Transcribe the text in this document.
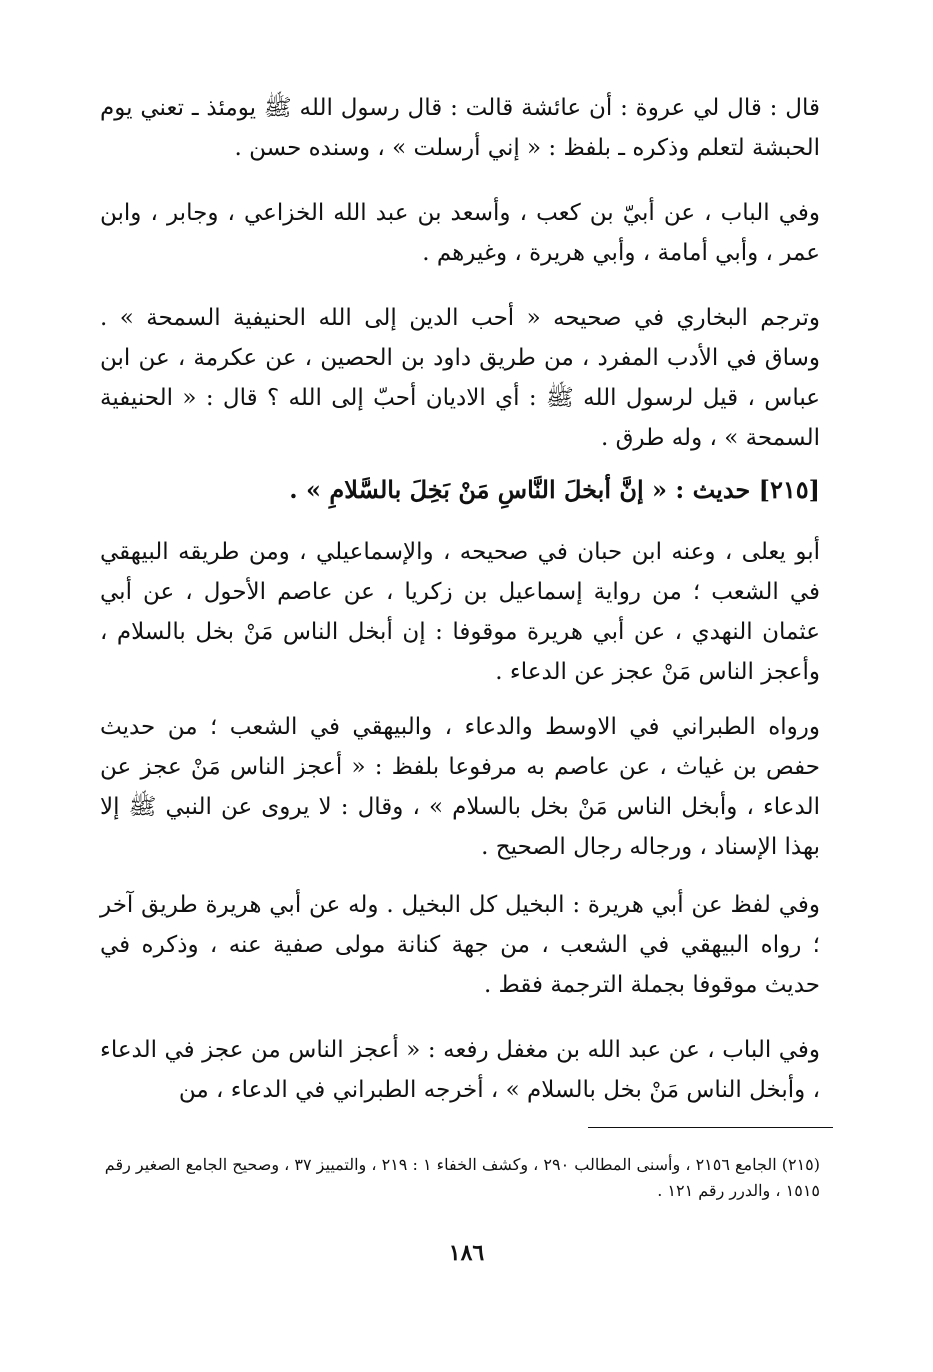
قال : قال لي عروة : أن عائشة قالت : قال رسول الله ﷺ يومئذ ـ تعني يوم الحبشة لتعلم وذكره ـ بلفظ : « إني أرسلت » ، وسنده حسن .

وفي الباب ، عن أبيّ بن كعب ، وأسعد بن عبد الله الخزاعي ، وجابر ، وابن عمر ، وأبي أمامة ، وأبي هريرة ، وغيرهم .

وترجم البخاري في صحيحه « أحب الدين إلى الله الحنيفية السمحة » . وساق في الأدب المفرد ، من طريق داود بن الحصين ، عن عكرمة ، عن ابن عباس ، قيل لرسول الله ﷺ : أي الاديان أحبّ إلى الله ؟ قال : « الحنيفية السمحة » ، وله طرق .

[٢١٥] حديث : « إنَّ أبخلَ النَّاسِ مَنْ بَخِلَ بالسَّلامِ » .

أبو يعلى ، وعنه ابن حبان في صحيحه ، والإسماعيلي ، ومن طريقه البيهقي في الشعب ؛ من رواية إسماعيل بن زكريا ، عن عاصم الأحول ، عن أبي عثمان النهدي ، عن أبي هريرة موقوفا : إن أبخل الناس مَنْ بخل بالسلام ، وأعجز الناس مَنْ عجز عن الدعاء .

ورواه الطبراني في الاوسط والدعاء ، والبيهقي في الشعب ؛ من حديث حفص بن غياث ، عن عاصم به مرفوعا بلفظ : « أعجز الناس مَنْ عجز عن الدعاء ، وأبخل الناس مَنْ بخل بالسلام » ، وقال : لا يروى عن النبي ﷺ إلا بهذا الإسناد ، ورجاله رجال الصحيح .

وفي لفظ عن أبي هريرة : البخيل كل البخيل . وله عن أبي هريرة طريق آخر ؛ رواه البيهقي في الشعب ، من جهة كنانة مولى صفية عنه ، وذكره في حديث موقوفا بجملة الترجمة فقط .

وفي الباب ، عن عبد الله بن مغفل رفعه : « أعجز الناس من عجز في الدعاء ، وأبخل الناس مَنْ بخل بالسلام » ، أخرجه الطبراني في الدعاء ، من

(٢١٥) الجامع ٢١٥٦ ، وأسنى المطالب ٢٩٠ ، وكشف الخفاء ١ : ٢١٩ ، والتمييز ٣٧ ، وصحيح الجامع الصغير رقم ١٥١٥ ، والدرر رقم ١٢١ .
١٨٦
